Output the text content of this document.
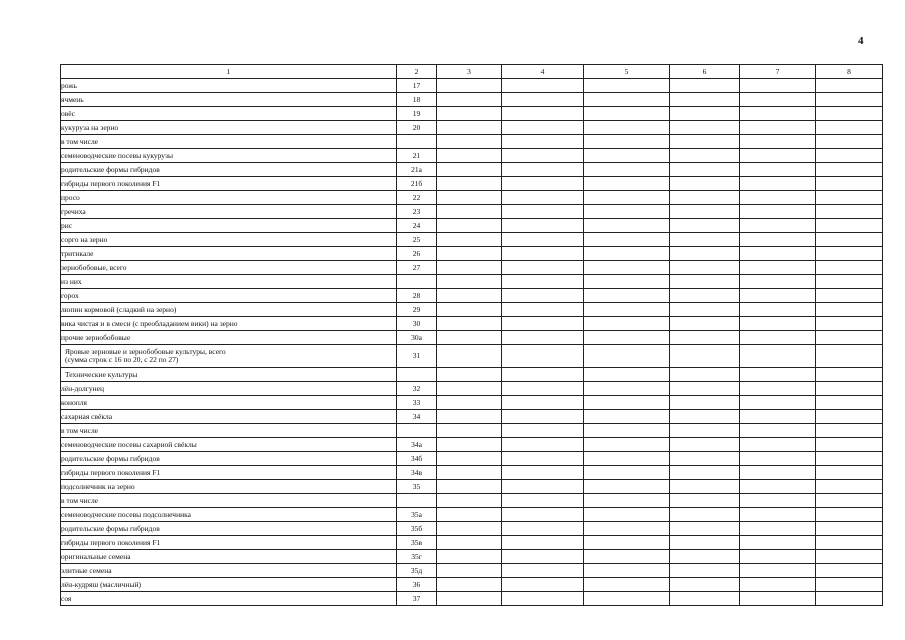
4
1	2	3	4	5	6	7	8
рожь	17						
ячмень	18						
овёс	19						
кукуруза на зерно	20						
в том числе							
семеноводческие посевы кукурузы	21						
родительские формы гибридов	21а						
гибриды первого поколения F1	21б						
просо	22						
гречиха	23						
рис	24						
сорго на зерно	25						
тритикале	26						
зернобобовые, всего	27						
из них							
горох	28						
люпин кормовой (сладкий на зерно)	29						
вика чистая и в смеси (с преобладанием вики) на зерно	30						
прочие зернобобовые	30а						
Яровые зерновые и зернобобовые культуры, всего
(сумма строк с 16 по 20, с 22 по 27)	31						
Технические культуры							
лён-долгунец	32						
конопля	33						
сахарная свёкла	34						
в том числе							
семеноводческие посевы сахарной свёклы	34а						
родительские формы гибридов	34б						
гибриды первого поколения F1	34в						
подсолнечник на зерно	35						
в том числе							
семеноводческие посевы подсолнечника	35а						
родительские формы гибридов	35б						
гибриды первого поколения F1	35в						
оригинальные семена	35г						
элитные семена	35д						
лён-кудряш (масличный)	36						
соя	37						
